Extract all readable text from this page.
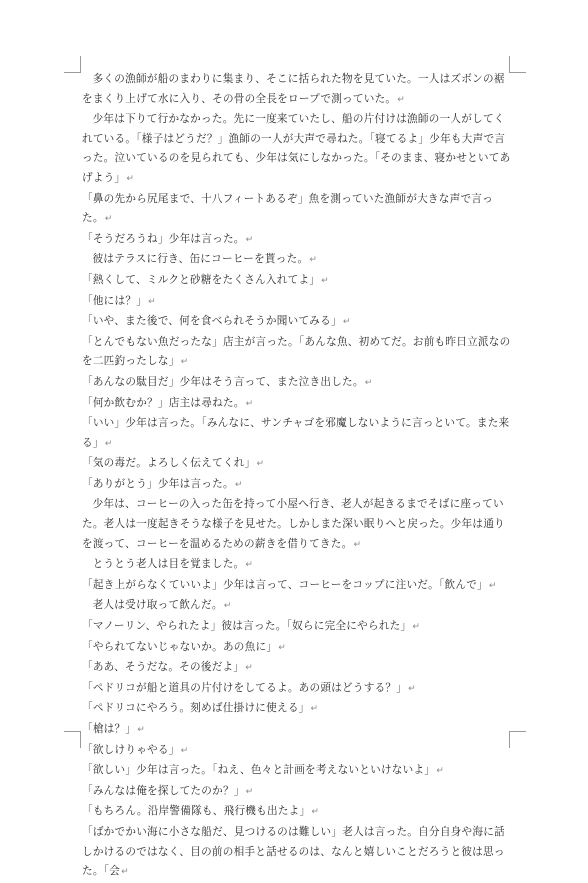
多くの漁師が船のまわりに集まり、そこに括られた物を見ていた。一人はズボンの裾をまくり上げて水に入り、その骨の全長をロープで測っていた。↵

少年は下りて行かなかった。先に一度来ていたし、船の片付けは漁師の一人がしてくれている。「様子はどうだ？」漁師の一人が大声で尋ねた。「寝てるよ」少年も大声で言った。泣いているのを見られても、少年は気にしなかった。「そのまま、寝かせといてあげよう」↵

「鼻の先から尻尾まで、十八フィートあるぞ」魚を測っていた漁師が大きな声で言った。↵

「そうだろうね」少年は言った。↵

彼はテラスに行き、缶にコーヒーを貰った。↵

「熱くして、ミルクと砂糖をたくさん入れてよ」↵

「他には？」↵

「いや、また後で、何を食べられそうか聞いてみる」↵

「とんでもない魚だったな」店主が言った。「あんな魚、初めてだ。お前も昨日立派なのを二匹釣ったしな」↵

「あんなの駄目だ」少年はそう言って、また泣き出した。↵

「何か飲むか？」店主は尋ねた。↵

「いい」少年は言った。「みんなに、サンチャゴを邪魔しないように言っといて。また来る」↵

「気の毒だ。よろしく伝えてくれ」↵

「ありがとう」少年は言った。↵

少年は、コーヒーの入った缶を持って小屋へ行き、老人が起きるまでそばに座っていた。老人は一度起きそうな様子を見せた。しかしまた深い眠りへと戻った。少年は通りを渡って、コーヒーを温めるための薪きを借りてきた。↵

とうとう老人は目を覚ました。↵

「起き上がらなくていいよ」少年は言って、コーヒーをコップに注いだ。「飲んで」↵

老人は受け取って飲んだ。↵

「マノーリン、やられたよ」彼は言った。「奴らに完全にやられた」↵

「やられてないじゃないか。あの魚に」↵

「ああ、そうだな。その後だよ」↵

「ペドリコが船と道具の片付けをしてるよ。あの頭はどうする？」↵

「ペドリコにやろう。刻めば仕掛けに使える」↵

「槍は？」↵

「欲しけりゃやる」↵

「欲しい」少年は言った。「ねえ、色々と計画を考えないといけないよ」↵

「みんなは俺を探してたのか？」↵

「もちろん。沿岸警備隊も、飛行機も出たよ」↵

「ばかでかい海に小さな船だ、見つけるのは難しい」老人は言った。自分自身や海に話しかけるのではなく、目の前の相手と話せるのは、なんと嬉しいことだろうと彼は思った。「会↵
